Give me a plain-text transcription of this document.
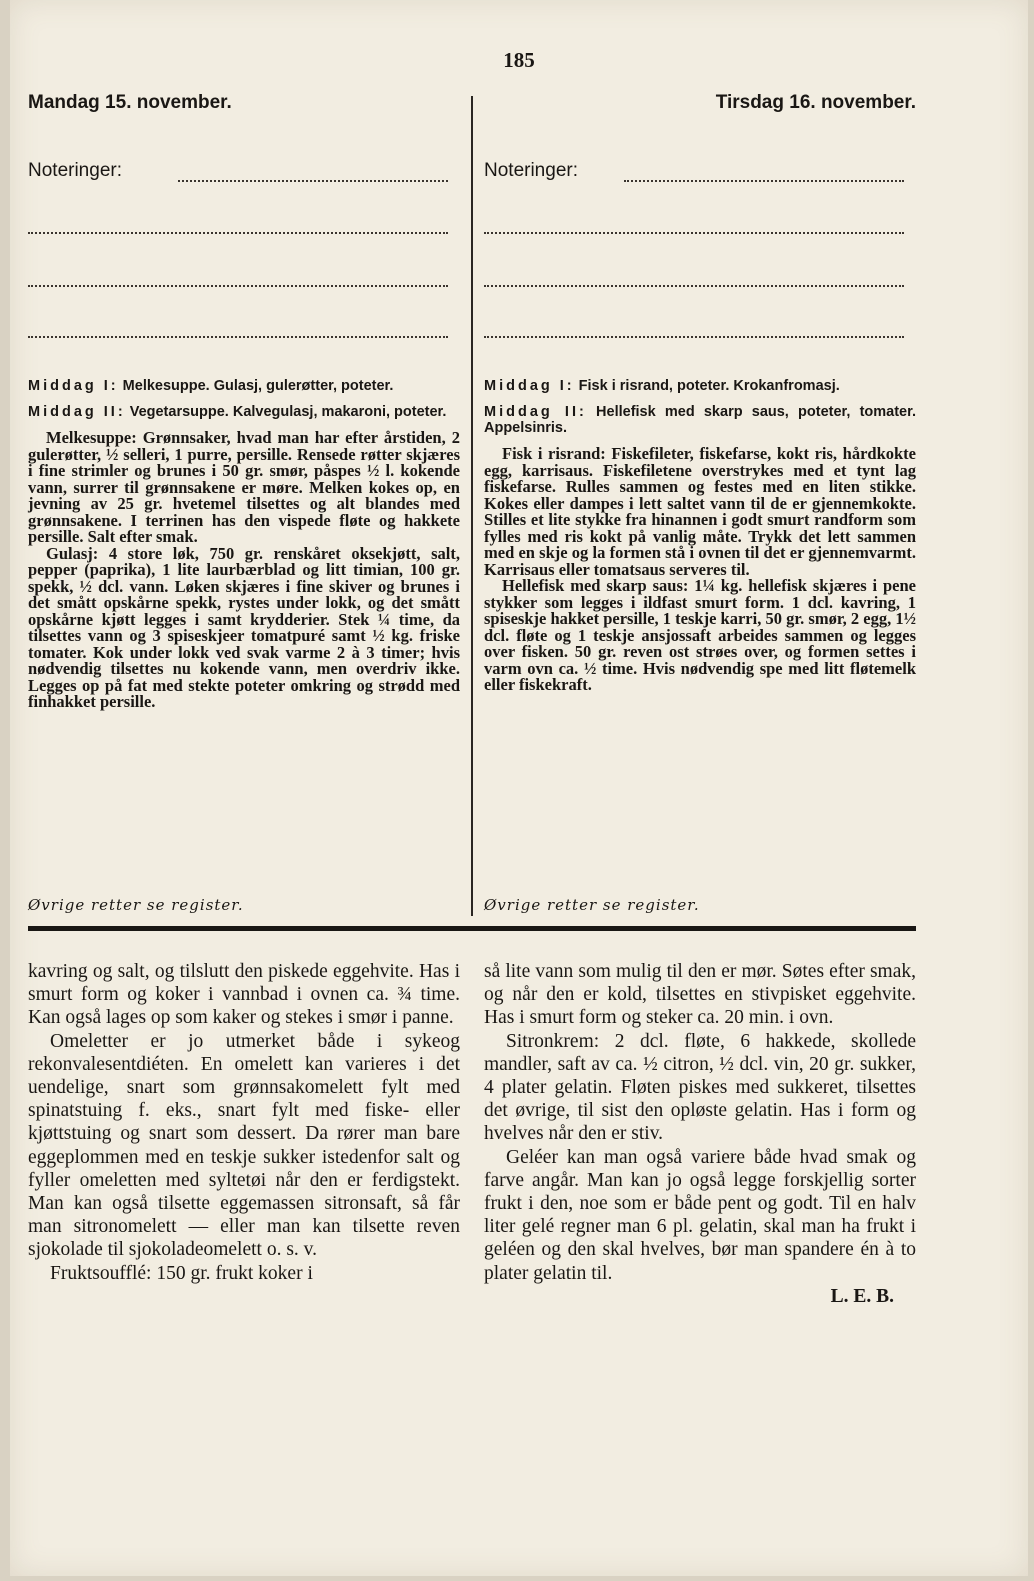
185
Mandag 15. november.
Noteringer:

Middag I: Melkesuppe. Gulasj, gulerøtter, poteter.

Middag II: Vegetarsuppe. Kalvegulasj, makaroni, poteter.

Melkesuppe: Grønnsaker, hvad man har efter årstiden, 2 gulerøtter, ½ selleri, 1 purre, persille. Rensede røtter skjæres i fine strimler og brunes i 50 gr. smør, påspes ½ l. kokende vann, surrer til grønnsakene er møre. Melken kokes op, en jevning av 25 gr. hvetemel tilsettes og alt blandes med grønnsakene. I terrinen has den vispede fløte og hakkete persille. Salt efter smak.

Gulasj: 4 store løk, 750 gr. renskåret oksekjøtt, salt, pepper (paprika), 1 lite laurbærblad og litt timian, 100 gr. spekk, ½ dcl. vann. Løken skjæres i fine skiver og brunes i det smått opskårne spekk, rystes under lokk, og det smått opskårne kjøtt legges i samt krydderier. Stek ¼ time, da tilsettes vann og 3 spiseskjeer tomatpuré samt ½ kg. friske tomater. Kok under lokk ved svak varme 2 à 3 timer; hvis nødvendig tilsettes nu kokende vann, men overdriv ikke. Legges op på fat med stekte poteter omkring og strødd med finhakket persille.

Øvrige retter se register.
Tirsdag 16. november.
Noteringer:

Middag I: Fisk i risrand, poteter. Krokanfromasj.

Middag II: Hellefisk med skarp saus, poteter, tomater. Appelsinris.

Fisk i risrand: Fiskefileter, fiskefarse, kokt ris, hårdkokte egg, karrisaus. Fiskefiletene overstrykes med et tynt lag fiskefarse. Rulles sammen og festes med en liten stikke. Kokes eller dampes i lett saltet vann til de er gjennemkokte. Stilles et lite stykke fra hinannen i godt smurt randform som fylles med ris kokt på vanlig måte. Trykk det lett sammen med en skje og la formen stå i ovnen til det er gjennemvarmt. Karrisaus eller tomatsaus serveres til.

Hellefisk med skarp saus: 1¼ kg. hellefisk skjæres i pene stykker som legges i ildfast smurt form. 1 dcl. kavring, 1 spiseskje hakket persille, 1 teskje karri, 50 gr. smør, 2 egg, 1½ dcl. fløte og 1 teskje ansjossaft arbeides sammen og legges over fisken. 50 gr. reven ost strøes over, og formen settes i varm ovn ca. ½ time. Hvis nødvendig spe med litt fløtemelk eller fiskekraft.

Øvrige retter se register.

kavring og salt, og tilslutt den piskede eggehvite. Has i smurt form og koker i vannbad i ovnen ca. ¾ time. Kan også lages op som kaker og stekes i smør i panne.

Omeletter er jo utmerket både i sykeog rekonvalesentdiéten. En omelett kan varieres i det uendelige, snart som grønnsakomelett fylt med spinatstuing f. eks., snart fylt med fiske- eller kjøttstuing og snart som dessert. Da rører man bare eggeplommen med en teskje sukker istedenfor salt og fyller omeletten med syltetøi når den er ferdigstekt. Man kan også tilsette eggemassen sitronsaft, så får man sitronomelett — eller man kan tilsette reven sjokolade til sjokoladeomelett o. s. v.

Fruktsoufflé: 150 gr. frukt koker i

så lite vann som mulig til den er mør. Søtes efter smak, og når den er kold, tilsettes en stivpisket eggehvite. Has i smurt form og steker ca. 20 min. i ovn.

Sitronkrem: 2 dcl. fløte, 6 hakkede, skollede mandler, saft av ca. ½ citron, ½ dcl. vin, 20 gr. sukker, 4 plater gelatin. Fløten piskes med sukkeret, tilsettes det øvrige, til sist den opløste gelatin. Has i form og hvelves når den er stiv.

Geléer kan man også variere både hvad smak og farve angår. Man kan jo også legge forskjellig sorter frukt i den, noe som er både pent og godt. Til en halv liter gelé regner man 6 pl. gelatin, skal man ha frukt i geléen og den skal hvelves, bør man spandere én à to plater gelatin til.

L. E. B.
